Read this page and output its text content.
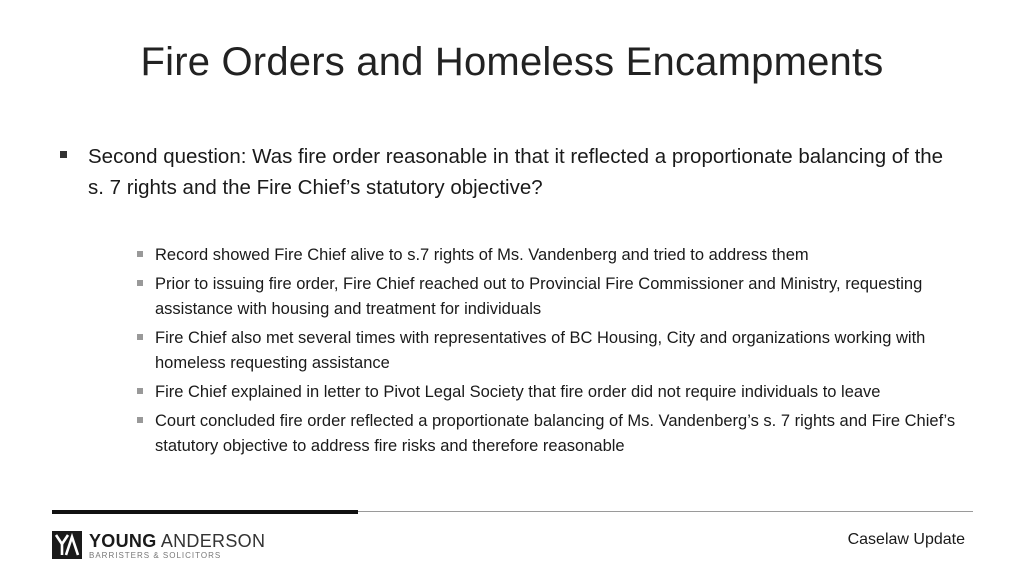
Fire Orders and Homeless Encampments
Second question: Was fire order reasonable in that it reflected a proportionate balancing of the s. 7 rights and the Fire Chief’s statutory objective?
Record showed Fire Chief alive to s.7 rights of Ms. Vandenberg and tried to address them
Prior to issuing fire order, Fire Chief reached out to Provincial Fire Commissioner and Ministry, requesting assistance with housing and treatment for individuals
Fire Chief also met several times with representatives of BC Housing, City and organizations working with homeless requesting assistance
Fire Chief explained in letter to Pivot Legal Society that fire order did not require individuals to leave
Court concluded fire order reflected a proportionate balancing of Ms. Vandenberg’s s. 7 rights and Fire Chief’s statutory objective to address fire risks and therefore reasonable
YOUNG ANDERSON
BARRISTERS & SOLICITORS
Caselaw Update
